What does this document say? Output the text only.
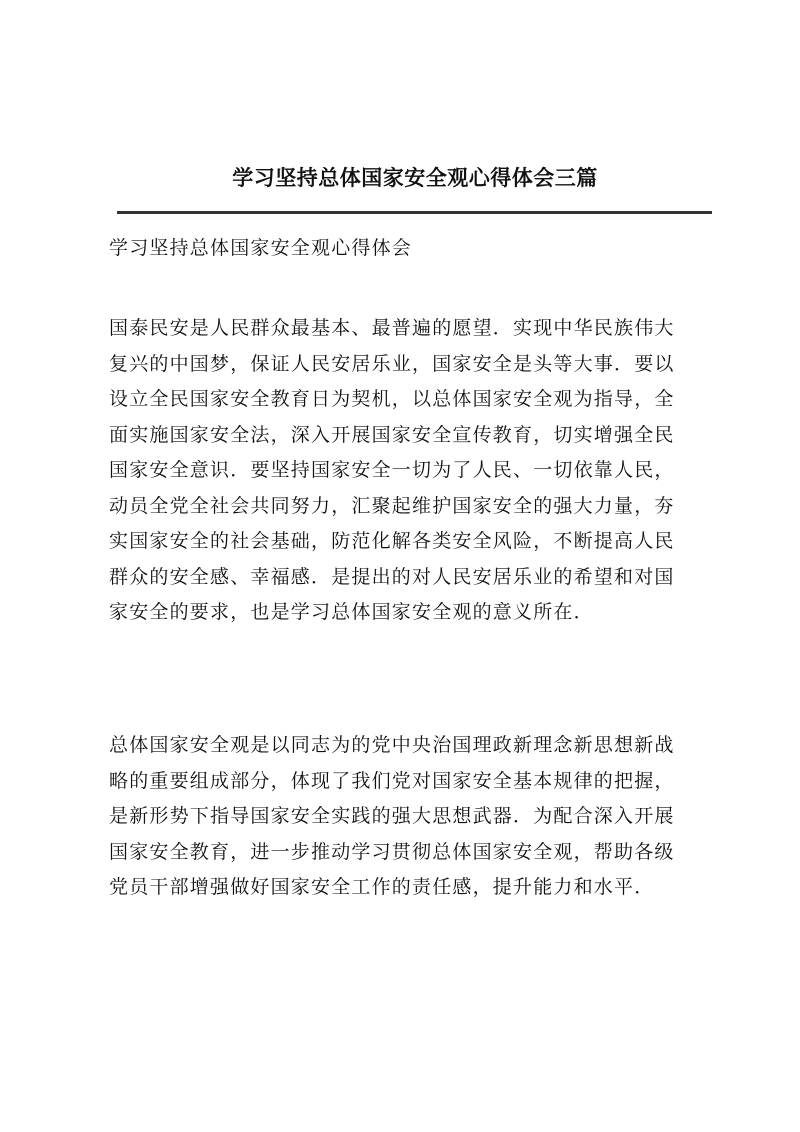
学习坚持总体国家安全观心得体会三篇
学习坚持总体国家安全观心得体会
国泰民安是人民群众最基本、最普遍的愿望．实现中华民族伟大
复兴的中国梦，保证人民安居乐业，国家安全是头等大事．要以
设立全民国家安全教育日为契机，以总体国家安全观为指导，全
面实施国家安全法，深入开展国家安全宣传教育，切实增强全民
国家安全意识．要坚持国家安全一切为了人民、一切依靠人民，
动员全党全社会共同努力，汇聚起维护国家安全的强大力量，夯
实国家安全的社会基础，防范化解各类安全风险，不断提高人民
群众的安全感、幸福感．是提出的对人民安居乐业的希望和对国
家安全的要求，也是学习总体国家安全观的意义所在．
总体国家安全观是以同志为的党中央治国理政新理念新思想新战
略的重要组成部分，体现了我们党对国家安全基本规律的把握，
是新形势下指导国家安全实践的强大思想武器．为配合深入开展
国家安全教育，进一步推动学习贯彻总体国家安全观，帮助各级
党员干部增强做好国家安全工作的责任感，提升能力和水平．
